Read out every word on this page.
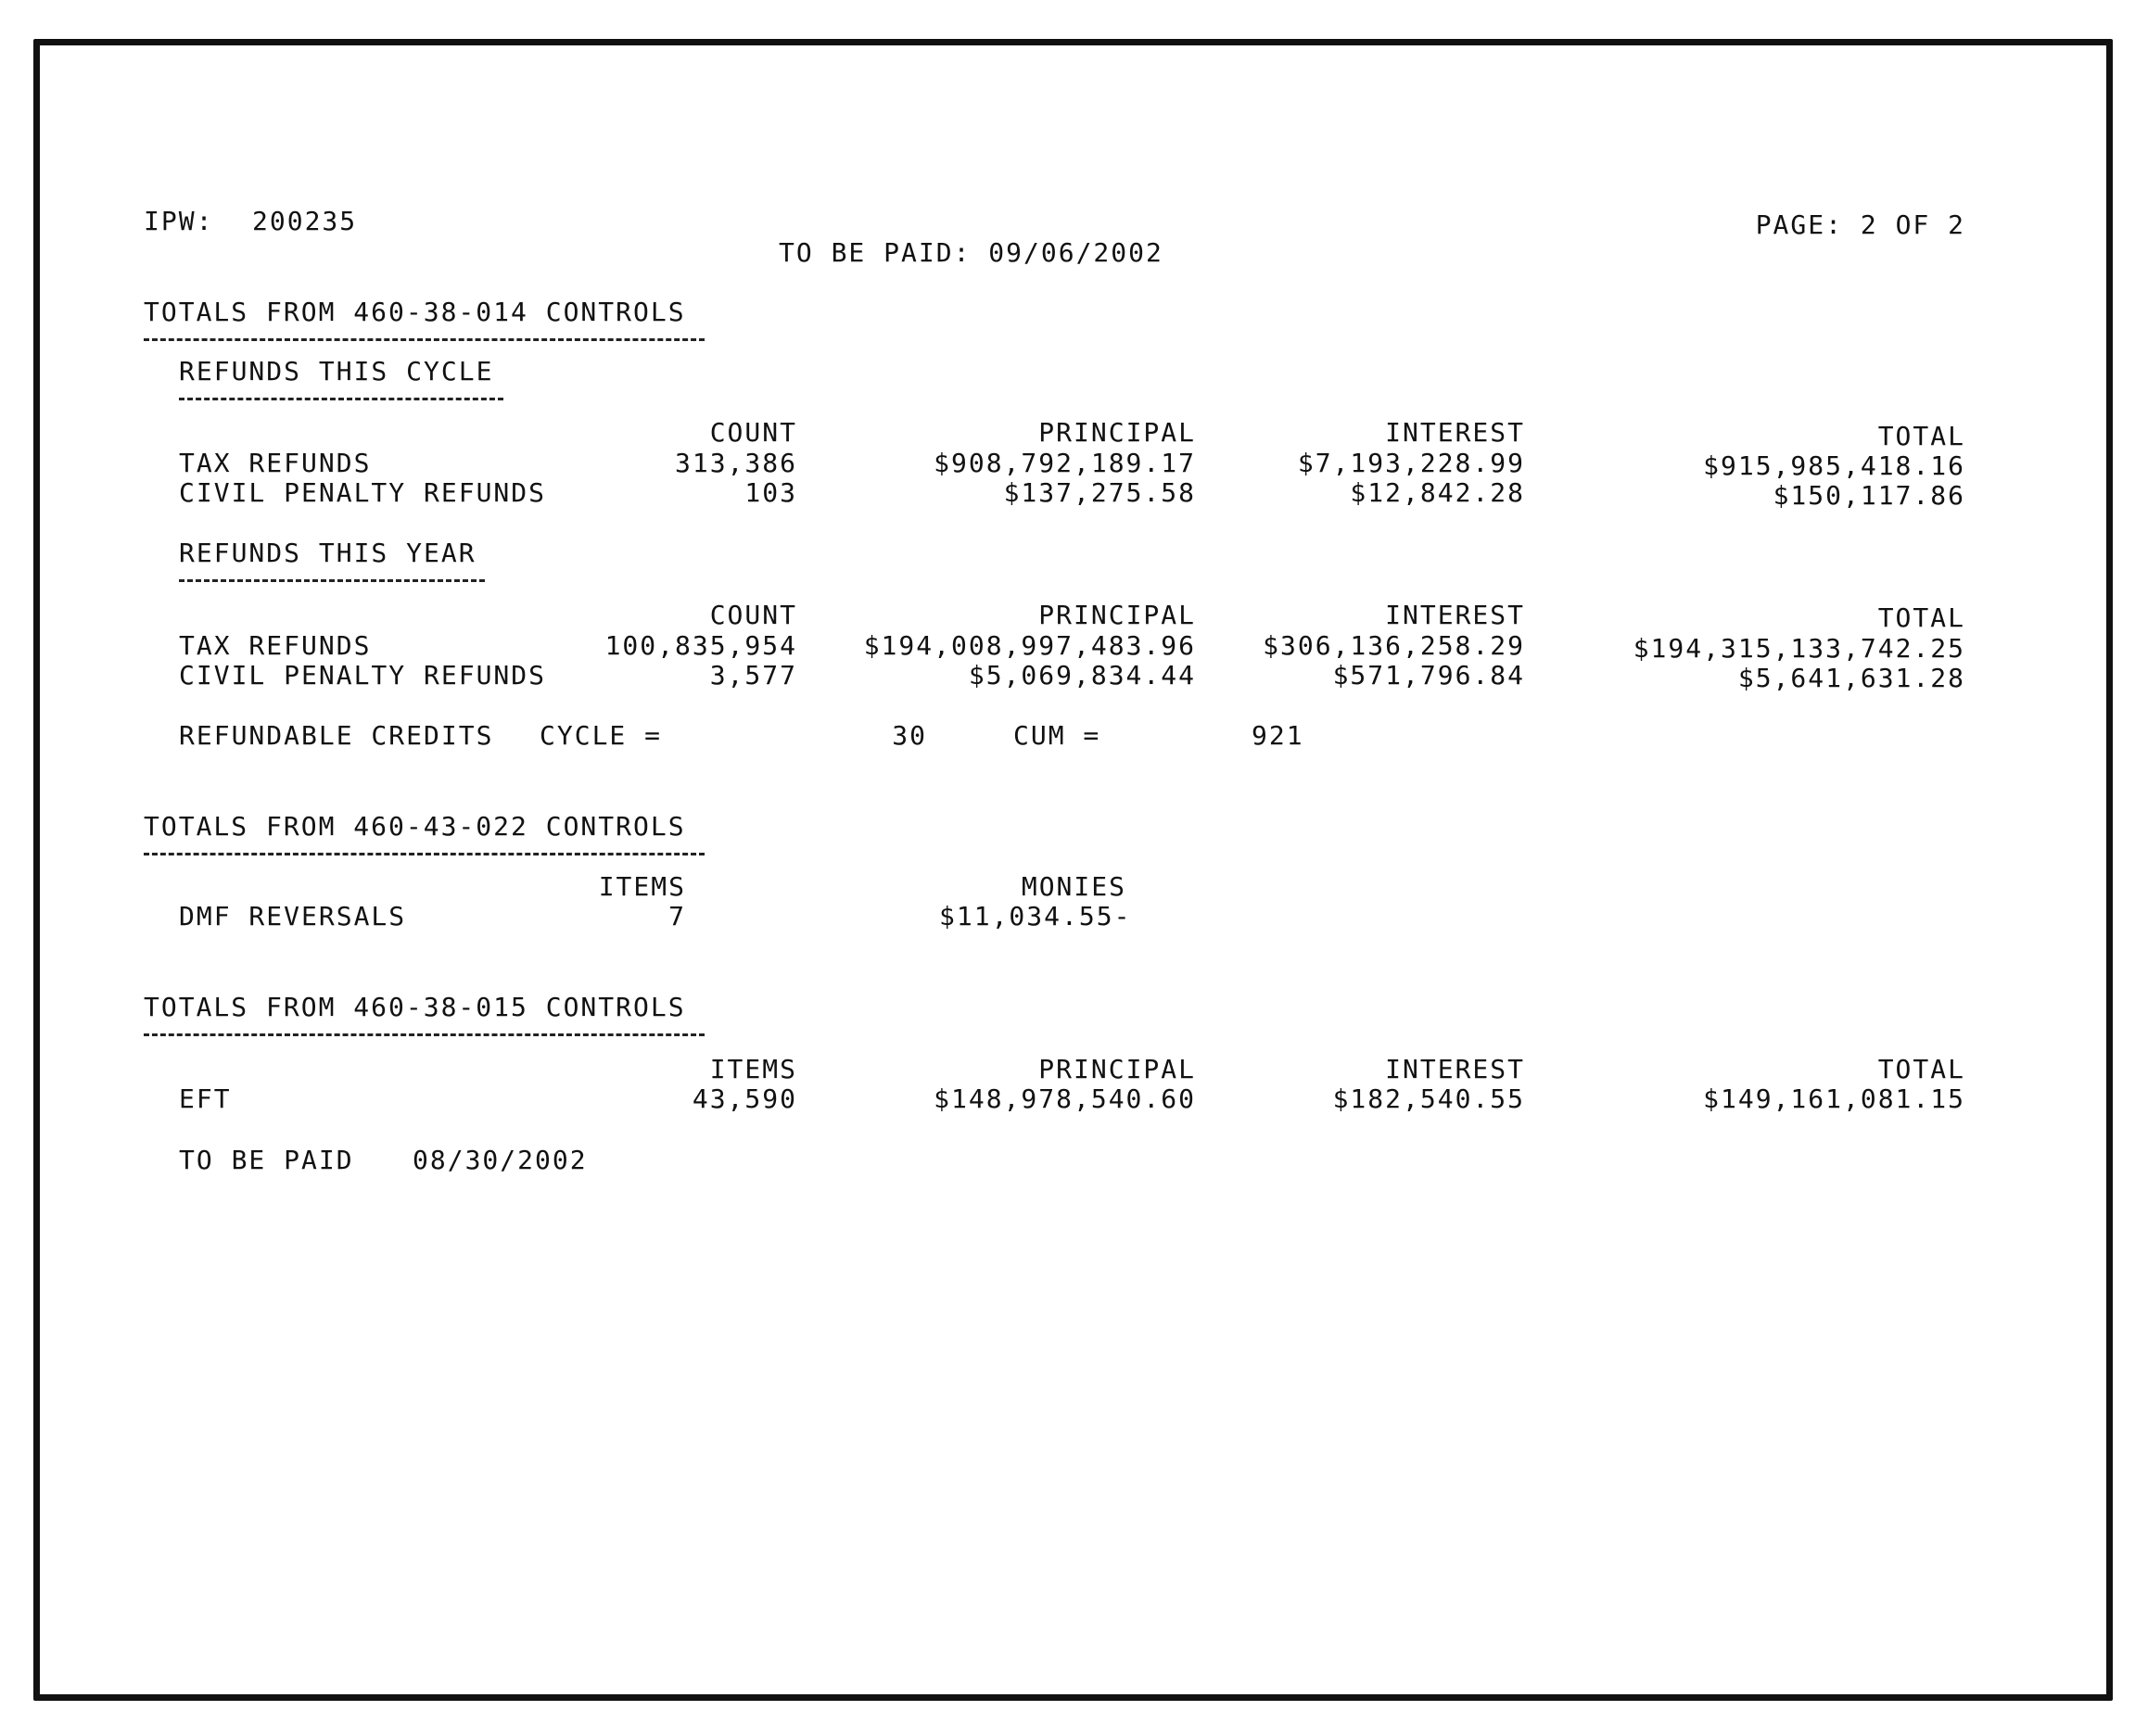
IPW: 200235
TO BE PAID: 09/06/2002
PAGE: 2 OF 2
TOTALS FROM 460-38-014 CONTROLS
REFUNDS THIS CYCLE
COUNT	PRINCIPAL	INTEREST	TOTAL
TAX REFUNDS	313,386	$908,792,189.17	$7,193,228.99	$915,985,418.16
CIVIL PENALTY REFUNDS	103	$137,275.58	$12,842.28	$150,117.86
REFUNDS THIS YEAR
COUNT	PRINCIPAL	INTEREST	TOTAL
TAX REFUNDS	100,835,954	$194,008,997,483.96	$306,136,258.29	$194,315,133,742.25
CIVIL PENALTY REFUNDS	3,577	$5,069,834.44	$571,796.84	$5,641,631.28
REFUNDABLE CREDITS CYCLE =	30	CUM =	921
TOTALS FROM 460-43-022 CONTROLS
ITEMS	MONIES
DMF REVERSALS	7	$11,034.55-
TOTALS FROM 460-38-015 CONTROLS
ITEMS	PRINCIPAL	INTEREST	TOTAL
EFT	43,590	$148,978,540.60	$182,540.55	$149,161,081.15
TO BE PAID 08/30/2002
